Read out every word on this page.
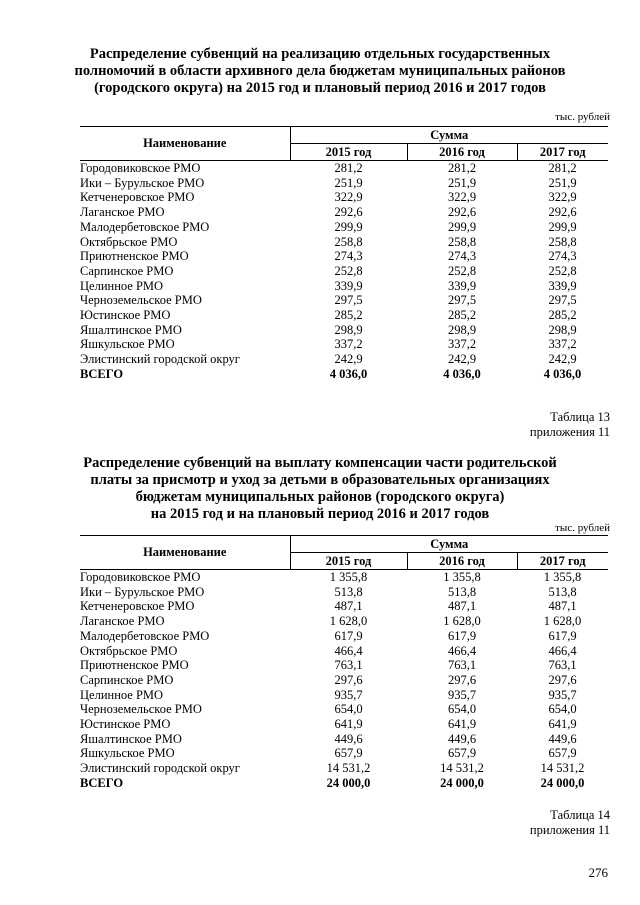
Распределение субвенций на реализацию отдельных государственных
полномочий в области архивного дела бюджетам муниципальных районов
(городского округа) на 2015 год и плановый период 2016 и 2017 годов
тыс. рублей
Наименование	Сумма		
	2015 год	2016 год	2017 год
Городовиковское РМО	281,2	281,2	281,2
Ики – Бурульское РМО	251,9	251,9	251,9
Кетченеровское РМО	322,9	322,9	322,9
Лаганское РМО	292,6	292,6	292,6
Малодербетовское РМО	299,9	299,9	299,9
Октябрьское РМО	258,8	258,8	258,8
Приютненское РМО	274,3	274,3	274,3
Сарпинское РМО	252,8	252,8	252,8
Целинное РМО	339,9	339,9	339,9
Черноземельское РМО	297,5	297,5	297,5
Юстинское РМО	285,2	285,2	285,2
Яшалтинское РМО	298,9	298,9	298,9
Яшкульское РМО	337,2	337,2	337,2
Элистинский городской округ	242,9	242,9	242,9
ВСЕГО	4 036,0	4 036,0	4 036,0
Таблица 13
приложения 11
Распределение субвенций на выплату компенсации части родительской
платы за присмотр и уход за детьми в образовательных организациях
бюджетам муниципальных районов (городского округа)
на 2015 год и на плановый период 2016 и 2017 годов
тыс. рублей
Наименование	Сумма		
	2015 год	2016 год	2017 год
Городовиковское РМО	1 355,8	1 355,8	1 355,8
Ики – Бурульское РМО	513,8	513,8	513,8
Кетченеровское РМО	487,1	487,1	487,1
Лаганское РМО	1 628,0	1 628,0	1 628,0
Малодербетовское РМО	617,9	617,9	617,9
Октябрьское РМО	466,4	466,4	466,4
Приютненское РМО	763,1	763,1	763,1
Сарпинское РМО	297,6	297,6	297,6
Целинное РМО	935,7	935,7	935,7
Черноземельское РМО	654,0	654,0	654,0
Юстинское РМО	641,9	641,9	641,9
Яшалтинское РМО	449,6	449,6	449,6
Яшкульское РМО	657,9	657,9	657,9
Элистинский городской округ	14 531,2	14 531,2	14 531,2
ВСЕГО	24 000,0	24 000,0	24 000,0
Таблица 14
приложения 11
276
